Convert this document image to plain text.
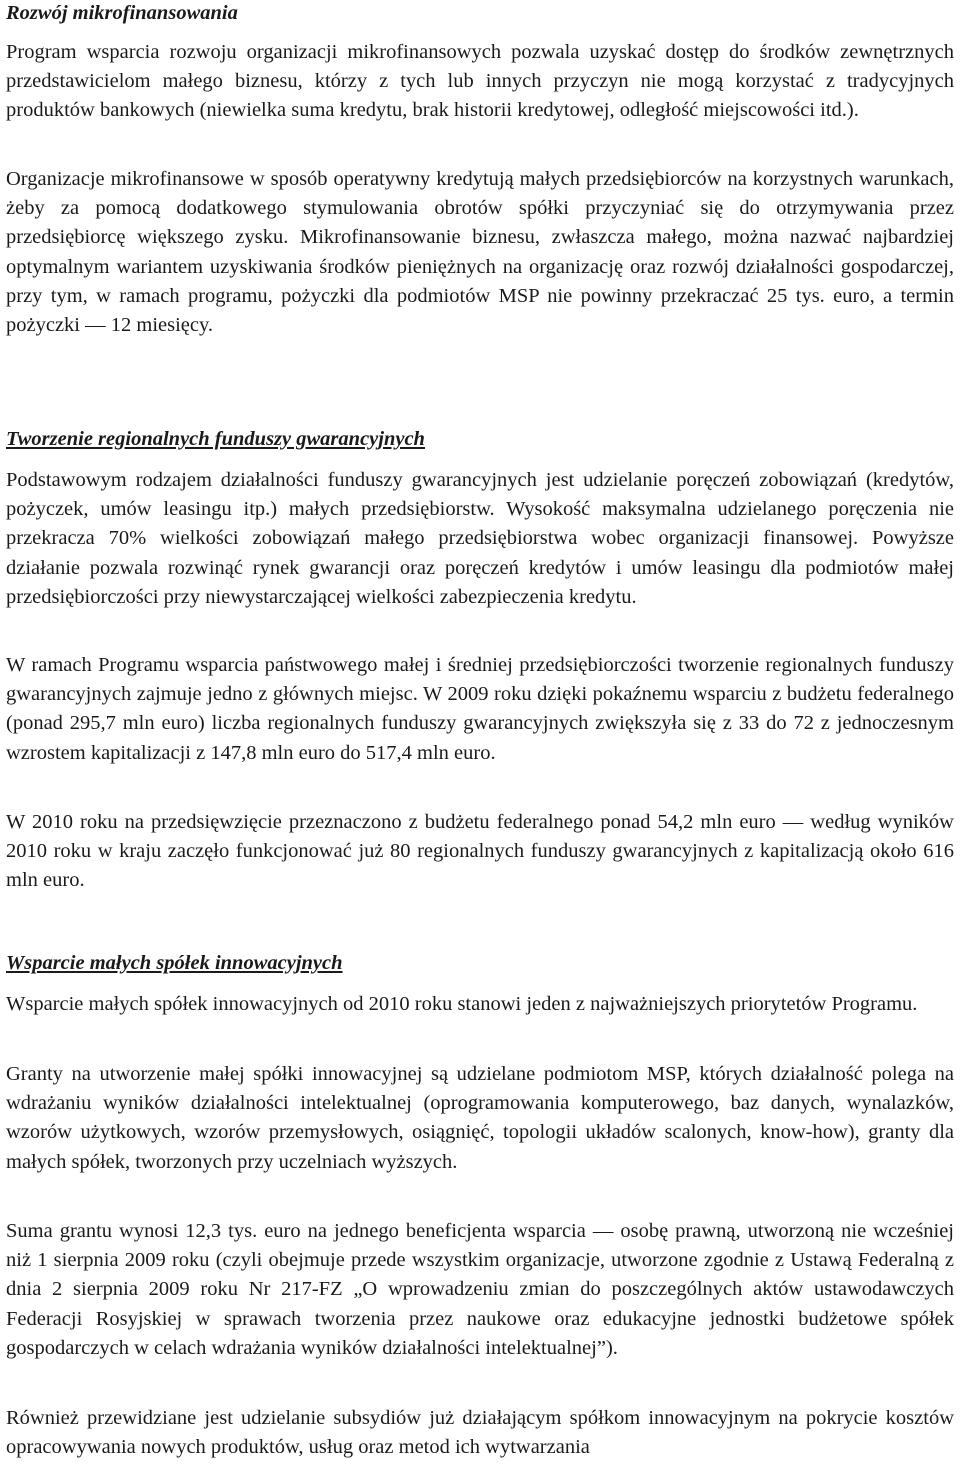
Rozwój mikrofinansowania

Program wsparcia rozwoju organizacji mikrofinansowych pozwala uzyskać dostęp do środków zewnętrznych przedstawicielom małego biznesu, którzy z tych lub innych przyczyn nie mogą korzystać z tradycyjnych produktów bankowych (niewielka suma kredytu, brak historii kredytowej, odległość miejscowości itd.).

Organizacje mikrofinansowe w sposób operatywny kredytują małych przedsiębiorców na korzystnych warunkach, żeby za pomocą dodatkowego stymulowania obrotów spółki przyczyniać się do otrzymywania przez przedsiębiorcę większego zysku. Mikrofinansowanie biznesu, zwłaszcza małego, można nazwać najbardziej optymalnym wariantem uzyskiwania środków pieniężnych na organizację oraz rozwój działalności gospodarczej, przy tym, w ramach programu, pożyczki dla podmiotów MSP nie powinny przekraczać 25 tys. euro, a termin pożyczki — 12 miesięcy.

Tworzenie regionalnych funduszy gwarancyjnych

Podstawowym rodzajem działalności funduszy gwarancyjnych jest udzielanie poręczeń zobowiązań (kredytów, pożyczek, umów leasingu itp.) małych przedsiębiorstw. Wysokość maksymalna udzielanego poręczenia nie przekracza 70% wielkości zobowiązań małego przedsiębiorstwa wobec organizacji finansowej. Powyższe działanie pozwala rozwinąć rynek gwarancji oraz poręczeń kredytów i umów leasingu dla podmiotów małej przedsiębiorczości przy niewystarczającej wielkości zabezpieczenia kredytu.

W ramach Programu wsparcia państwowego małej i średniej przedsiębiorczości tworzenie regionalnych funduszy gwarancyjnych zajmuje jedno z głównych miejsc. W 2009 roku dzięki pokaźnemu wsparciu z budżetu federalnego (ponad 295,7 mln euro) liczba regionalnych funduszy gwarancyjnych zwiększyła się z 33 do 72 z jednoczesnym wzrostem kapitalizacji z 147,8 mln euro do 517,4 mln euro.

W 2010 roku na przedsięwzięcie przeznaczono z budżetu federalnego ponad 54,2 mln euro — według wyników 2010 roku w kraju zaczęło funkcjonować już 80 regionalnych funduszy gwarancyjnych z kapitalizacją około 616 mln euro.

Wsparcie małych spółek innowacyjnych

Wsparcie małych spółek innowacyjnych od 2010 roku stanowi jeden z najważniejszych priorytetów Programu.

Granty na utworzenie małej spółki innowacyjnej są udzielane podmiotom MSP, których działalność polega na wdrażaniu wyników działalności intelektualnej (oprogramowania komputerowego, baz danych, wynalazków, wzorów użytkowych, wzorów przemysłowych, osiągnięć, topologii układów scalonych, know-how), granty dla małych spółek, tworzonych przy uczelniach wyższych.

Suma grantu wynosi 12,3 tys. euro na jednego beneficjenta wsparcia — osobę prawną, utworzoną nie wcześniej niż 1 sierpnia 2009 roku (czyli obejmuje przede wszystkim organizacje, utworzone zgodnie z Ustawą Federalną z dnia 2 sierpnia 2009 roku Nr 217-FZ „O wprowadzeniu zmian do poszczególnych aktów ustawodawczych Federacji Rosyjskiej w sprawach tworzenia przez naukowe oraz edukacyjne jednostki budżetowe spółek gospodarczych w celach wdrażania wyników działalności intelektualnej”).

Również przewidziane jest udzielanie subsydiów już działającym spółkom innowacyjnym na pokrycie kosztów opracowywania nowych produktów, usług oraz metod ich wytwarzania
